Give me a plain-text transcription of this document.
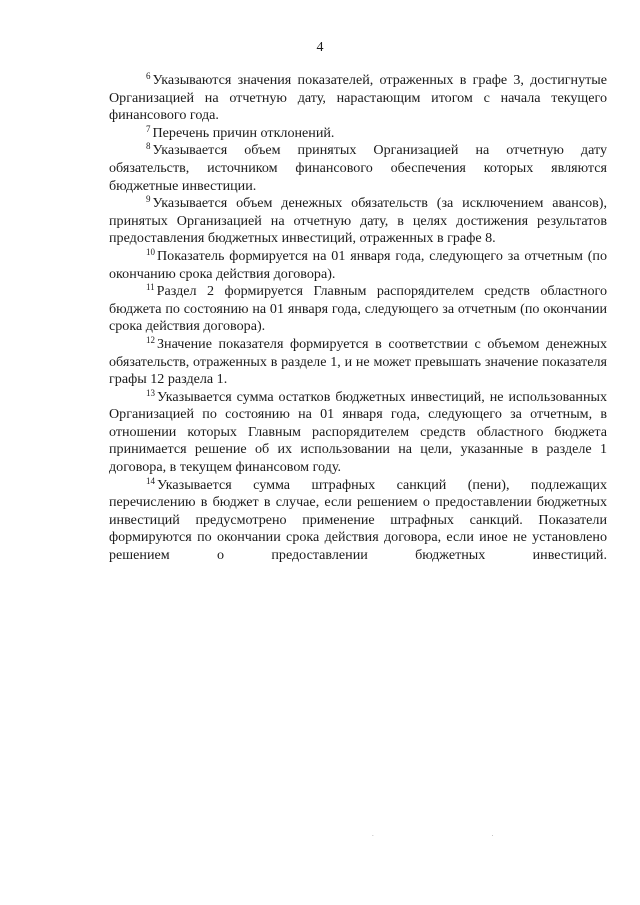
4

$^6$ Указываются значения показателей, отраженных в графе 3, достигнутые Организацией на отчетную дату, нарастающим итогом с начала текущего финансового года.

$^7$ Перечень причин отклонений.

$^8$ Указывается объем принятых Организацией на отчетную дату обязательств, источником финансового обеспечения которых являются бюджетные инвестиции.

$^9$ Указывается объем денежных обязательств (за исключением авансов), принятых Организацией на отчетную дату, в целях достижения результатов предоставления бюджетных инвестиций, отраженных в графе 8.

$^{10}$ Показатель формируется на 01 января года, следующего за отчетным (по окончанию срока действия договора).

$^{11}$ Раздел 2 формируется Главным распорядителем средств областного бюджета по состоянию на 01 января года, следующего за отчетным (по окончании срока действия договора).

$^{12}$ Значение показателя формируется в соответствии с объемом денежных обязательств, отраженных в разделе 1, и не может превышать значение показателя графы 12 раздела 1.

$^{13}$ Указывается сумма остатков бюджетных инвестиций, не использованных Организацией по состоянию на 01 января года, следующего за отчетным, в отношении которых Главным распорядителем средств областного бюджета принимается решение об их использовании на цели, указанные в разделе 1 договора, в текущем финансовом году.

$^{14}$ Указывается сумма штрафных санкций (пени), подлежащих перечислению в бюджет в случае, если решением о предоставлении бюджетных инвестиций предусмотрено применение штрафных санкций. Показатели формируются по окончании срока действия договора, если иное не установлено решением о предоставлении бюджетных инвестиций.

. .
